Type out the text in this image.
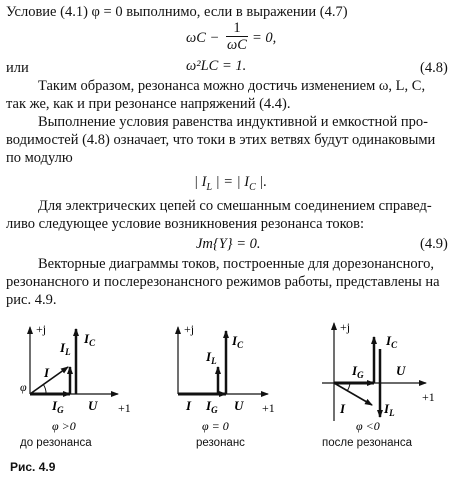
Условие (4.1) φ = 0 выполнимо, если в выражении (4.7)
$\omega C - \frac{1}{\omega C} = 0$,
или	ω²LC = 1.	(4.8)
Таким образом, резонанса можно достичь изменением ω, L, C,
так же, как и при резонансе напряжений (4.4).
Выполнение условия равенства индуктивной и емкостной про-
водимостей (4.8) означает, что токи в этих ветвях будут одинаковыми
по модулю
| $I_L$ | = | $I_C$ |.
Для электрических цепей со смешанным соединением справед-
ливо следующее условие возникновения резонанса токов:
Jm{Y} = 0.	(4.9)
Векторные диаграммы токов, построенные для дорезонансного,
резонансного и послерезонансного режимов работы, представлены на
рис. 4.9.
+j
+1
φ
I
$I_L$
$I_C$
$I_G$ U
φ >0
+j
+1
$I_L$
$I_C$
I $I_G$ U
φ = 0
+j
+1
$I_C$
$I_G$ U
I	$I_L$
φ <0
до резонанса	резонанс	после резонанса
Рис. 4.9
